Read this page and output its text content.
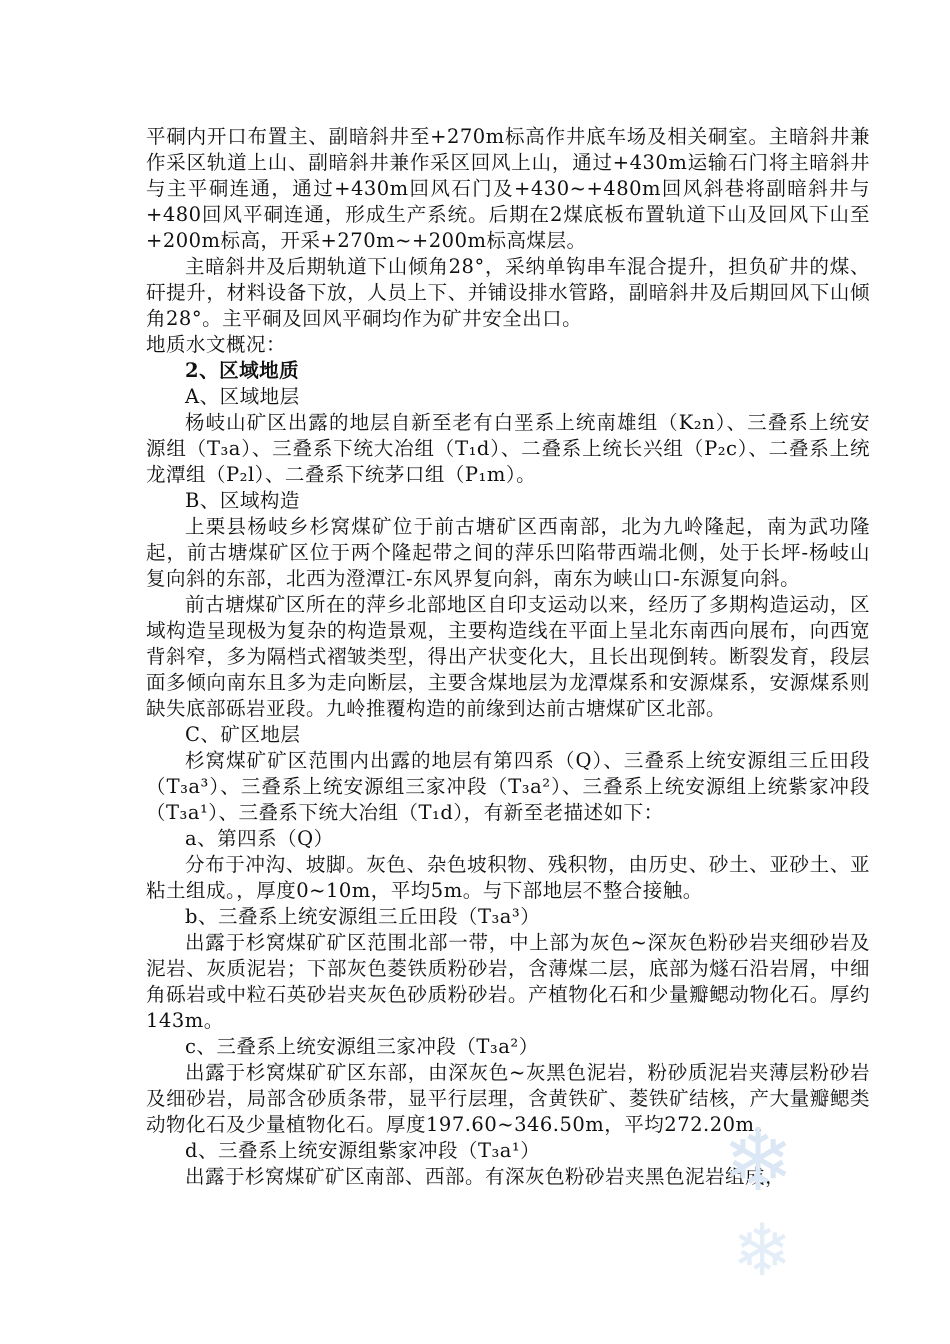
平硐内开口布置主、副暗斜井至+270m标高作井底车场及相关硐室。主暗斜井兼作采区轨道上山、副暗斜井兼作采区回风上山，通过+430m运输石门将主暗斜井与主平硐连通，通过+430m回风石门及+430~+480m回风斜巷将副暗斜井与+480回风平硐连通，形成生产系统。后期在2煤底板布置轨道下山及回风下山至+200m标高，开采+270m~+200m标高煤层。

主暗斜井及后期轨道下山倾角28°，采纳单钩串车混合提升，担负矿井的煤、矸提升，材料设备下放，人员上下、并铺设排水管路，副暗斜井及后期回风下山倾角28°。主平硐及回风平硐均作为矿井安全出口。

地质水文概况：

2、区域地质

A、区域地层

杨岐山矿区出露的地层自新至老有白垩系上统南雄组（K₂n）、三叠系上统安源组（T₃a）、三叠系下统大冶组（T₁d）、二叠系上统长兴组（P₂c）、二叠系上统龙潭组（P₂l）、二叠系下统茅口组（P₁m）。

B、区域构造

上栗县杨岐乡杉窝煤矿位于前古塘矿区西南部，北为九岭隆起，南为武功隆起，前古塘煤矿区位于两个隆起带之间的萍乐凹陷带西端北侧，处于长坪-杨岐山复向斜的东部，北西为澄潭江-东风界复向斜，南东为峡山口-东源复向斜。

前古塘煤矿区所在的萍乡北部地区自印支运动以来，经历了多期构造运动，区域构造呈现极为复杂的构造景观，主要构造线在平面上呈北东南西向展布，向西宽背斜窄，多为隔档式褶皱类型，得出产状变化大，且长出现倒转。断裂发育，段层面多倾向南东且多为走向断层，主要含煤地层为龙潭煤系和安源煤系，安源煤系则缺失底部砾岩亚段。九岭推覆构造的前缘到达前古塘煤矿区北部。

C、矿区地层

杉窝煤矿矿区范围内出露的地层有第四系（Q）、三叠系上统安源组三丘田段（T₃a³）、三叠系上统安源组三家冲段（T₃a²）、三叠系上统安源组上统紫家冲段（T₃a¹）、三叠系下统大冶组（T₁d），有新至老描述如下：

a、第四系（Q）

分布于冲沟、坡脚。灰色、杂色坡积物、残积物，由历史、砂土、亚砂土、亚粘土组成。，厚度0~10m，平均5m。与下部地层不整合接触。

b、三叠系上统安源组三丘田段（T₃a³）

出露于杉窝煤矿矿区范围北部一带，中上部为灰色~深灰色粉砂岩夹细砂岩及泥岩、灰质泥岩；下部灰色菱铁质粉砂岩，含薄煤二层，底部为燧石沿岩屑，中细角砾岩或中粒石英砂岩夹灰色砂质粉砂岩。产植物化石和少量瓣鳃动物化石。厚约143m。

c、三叠系上统安源组三家冲段（T₃a²）

出露于杉窝煤矿矿区东部，由深灰色~灰黑色泥岩，粉砂质泥岩夹薄层粉砂岩及细砂岩，局部含砂质条带，显平行层理，含黄铁矿、菱铁矿结核，产大量瓣鳃类动物化石及少量植物化石。厚度197.60~346.50m，平均272.20m。

d、三叠系上统安源组紫家冲段（T₃a¹）

出露于杉窝煤矿矿区南部、西部。有深灰色粉砂岩夹黑色泥岩组成，

❄
❄
